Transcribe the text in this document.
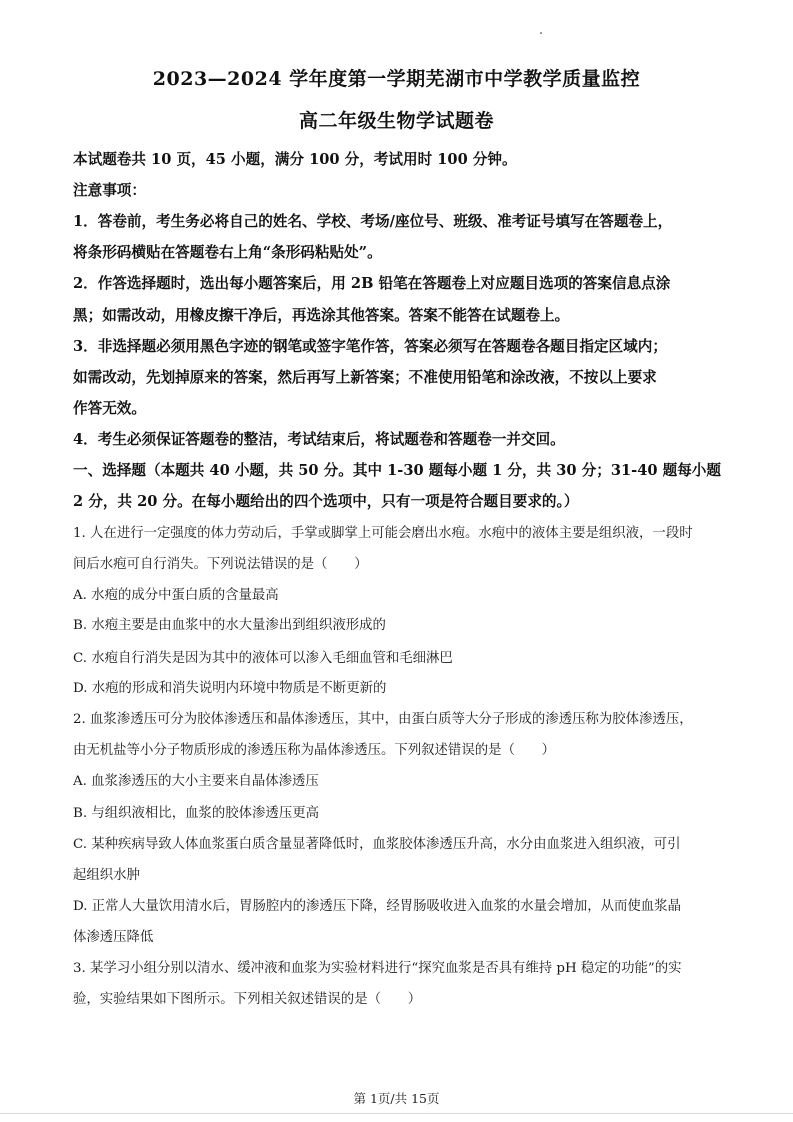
2023—2024 学年度第一学期芜湖市中学教学质量监控
高二年级生物学试题卷
本试题卷共 10 页，45 小题，满分 100 分，考试用时 100 分钟。
注意事项：
1．答卷前，考生务必将自己的姓名、学校、考场/座位号、班级、准考证号填写在答题卷上，
将条形码横贴在答题卷右上角“条形码粘贴处”。
2．作答选择题时，选出每小题答案后，用 2B 铅笔在答题卷上对应题目选项的答案信息点涂
黑；如需改动，用橡皮擦干净后，再选涂其他答案。答案不能答在试题卷上。
3．非选择题必须用黑色字迹的钢笔或签字笔作答，答案必须写在答题卷各题目指定区域内；
如需改动，先划掉原来的答案，然后再写上新答案；不准使用铅笔和涂改液，不按以上要求
作答无效。
4．考生必须保证答题卷的整洁，考试结束后，将试题卷和答题卷一并交回。
一、选择题（本题共 40 小题，共 50 分。其中 1-30 题每小题 1 分，共 30 分；31-40 题每小题
2 分，共 20 分。在每小题给出的四个选项中，只有一项是符合题目要求的。）
1. 人在进行一定强度的体力劳动后，手掌或脚掌上可能会磨出水疱。水疱中的液体主要是组织液，一段时
间后水疱可自行消失。下列说法错误的是（　　）
A. 水疱的成分中蛋白质的含量最高
B. 水疱主要是由血浆中的水大量渗出到组织液形成的
C. 水疱自行消失是因为其中的液体可以渗入毛细血管和毛细淋巴
D. 水疱的形成和消失说明内环境中物质是不断更新的
2. 血浆渗透压可分为胶体渗透压和晶体渗透压，其中，由蛋白质等大分子形成的渗透压称为胶体渗透压，
由无机盐等小分子物质形成的渗透压称为晶体渗透压。下列叙述错误的是（　　）
A. 血浆渗透压的大小主要来自晶体渗透压
B. 与组织液相比，血浆的胶体渗透压更高
C. 某种疾病导致人体血浆蛋白质含量显著降低时，血浆胶体渗透压升高，水分由血浆进入组织液，可引
起组织水肿
D. 正常人大量饮用清水后，胃肠腔内的渗透压下降，经胃肠吸收进入血浆的水量会增加，从而使血浆晶
体渗透压降低
3. 某学习小组分别以清水、缓冲液和血浆为实验材料进行“探究血浆是否具有维持 pH 稳定的功能”的实
验，实验结果如下图所示。下列相关叙述错误的是（　　）
第 1页/共 15页
